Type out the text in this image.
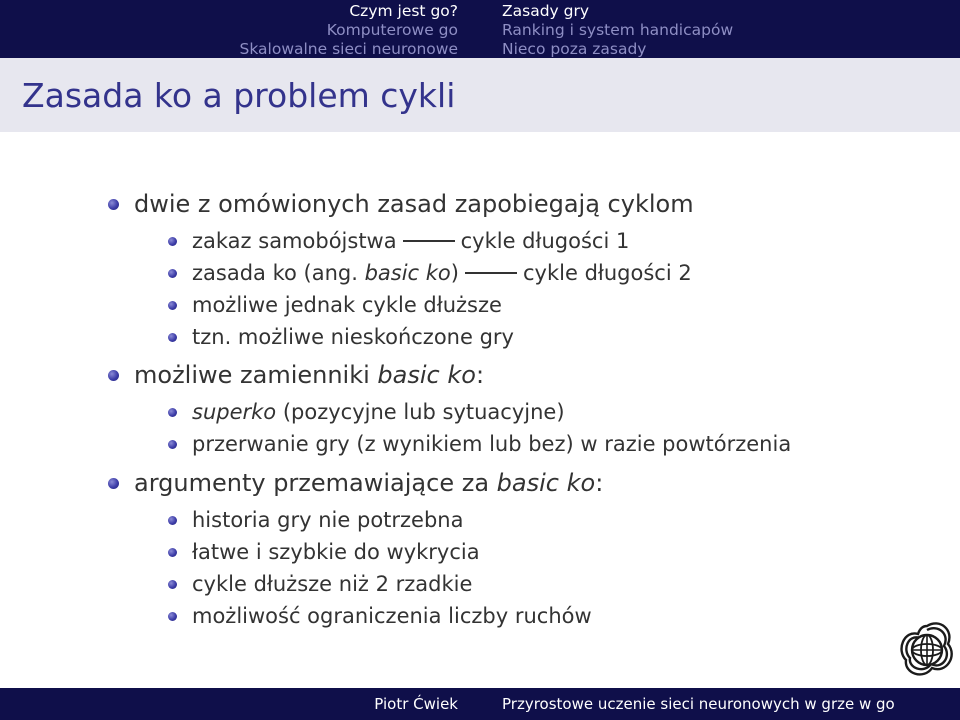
Czym jest go?
Komputerowe go
Skalowalne sieci neuronowe
Zasady gry
Ranking i system handicapów
Nieco poza zasady
Zasada ko a problem cykli
dwie z omówionych zasad zapobiegają cyklom
zakaz samobójstwa	cykle długości 1
zasada ko (ang. basic ko)	cykle długości 2
możliwe jednak cykle dłuższe
tzn. możliwe nieskończone gry
możliwe zamienniki basic ko:
superko (pozycyjne lub sytuacyjne)
przerwanie gry (z wynikiem lub bez) w razie powtórzenia
argumenty przemawiające za basic ko:
historia gry nie potrzebna
łatwe i szybkie do wykrycia
cykle dłuższe niż 2 rzadkie
możliwość ograniczenia liczby ruchów
Piotr Ćwiek	Przyrostowe uczenie sieci neuronowych w grze w go
